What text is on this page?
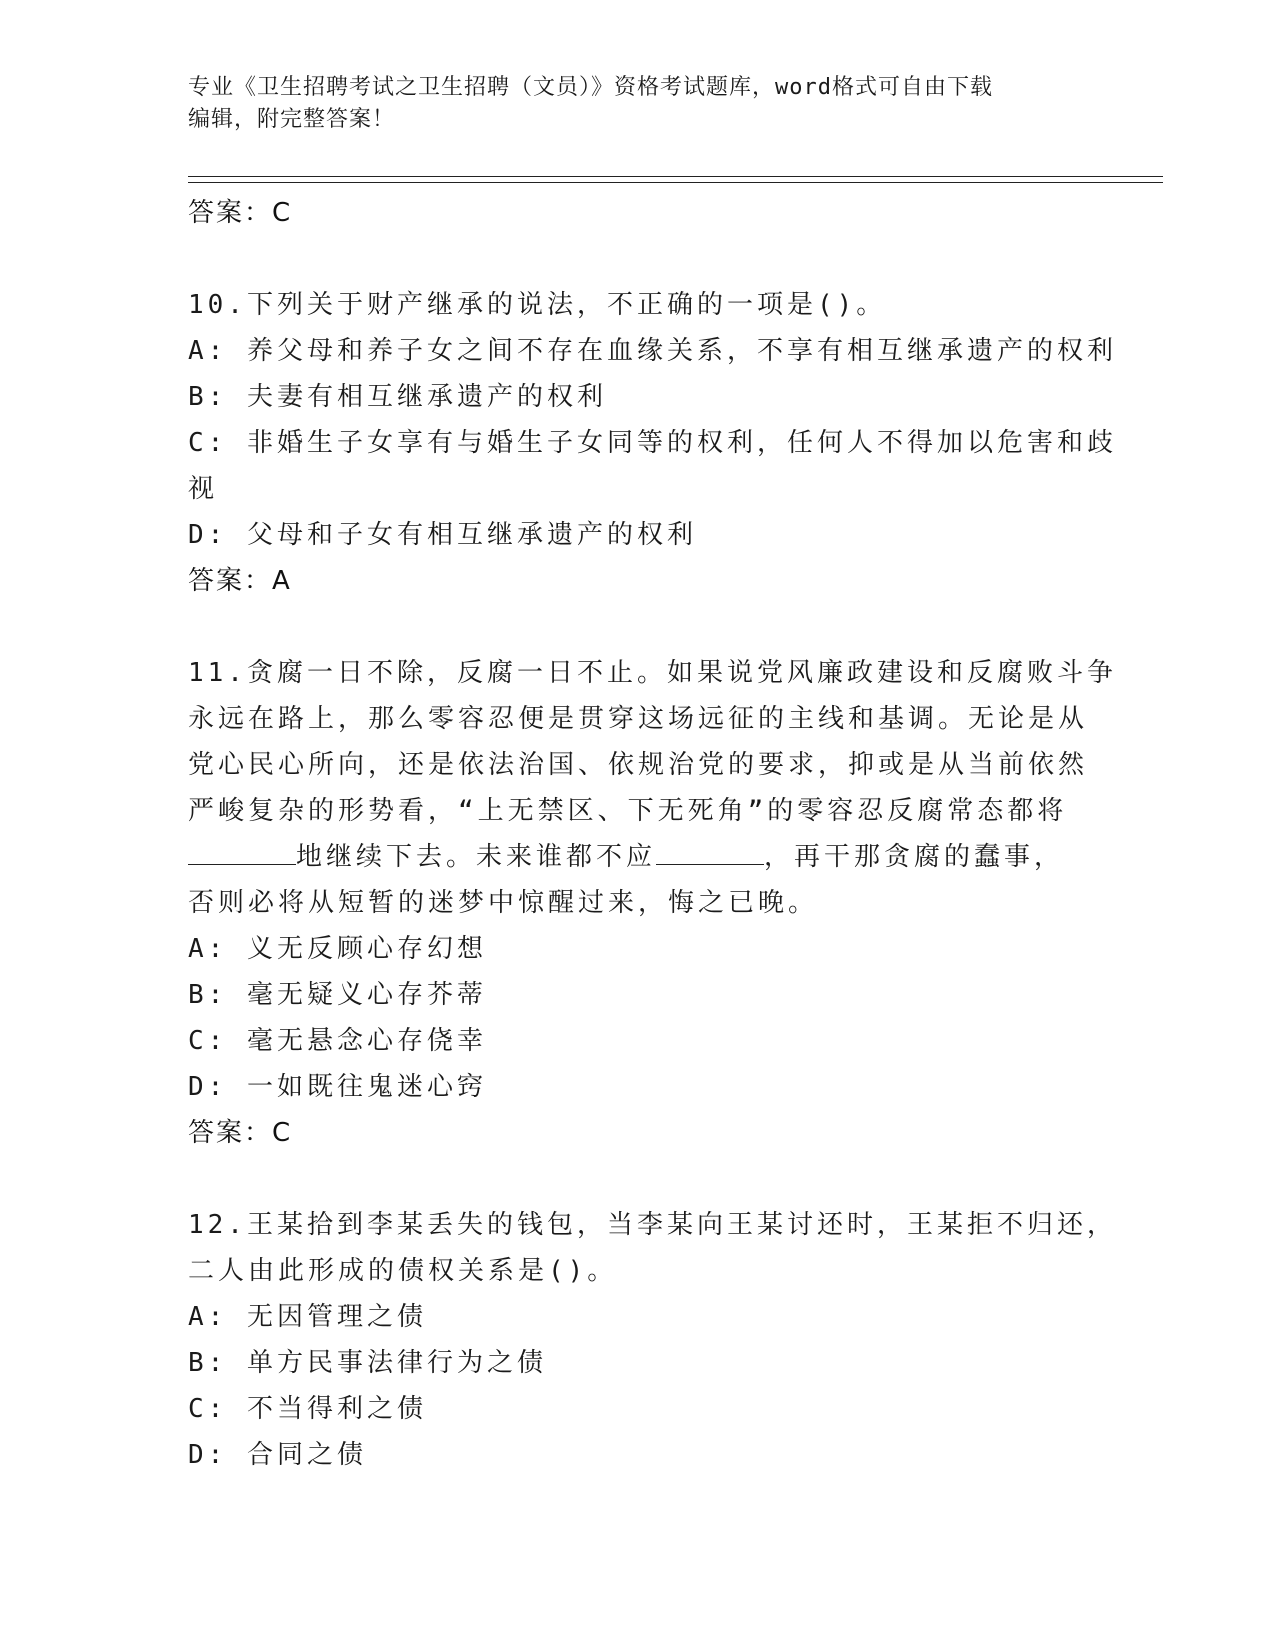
专业《卫生招聘考试之卫生招聘（文员）》资格考试题库，word格式可自由下载
编辑，附完整答案！
答案：C
10.下列关于财产继承的说法，不正确的一项是()。
A: 养父母和养子女之间不存在血缘关系，不享有相互继承遗产的权利
B: 夫妻有相互继承遗产的权利
C: 非婚生子女享有与婚生子女同等的权利，任何人不得加以危害和歧
视
D: 父母和子女有相互继承遗产的权利
答案：A
11.贪腐一日不除，反腐一日不止。如果说党风廉政建设和反腐败斗争
永远在路上，那么零容忍便是贯穿这场远征的主线和基调。无论是从
党心民心所向，还是依法治国、依规治党的要求，抑或是从当前依然
严峻复杂的形势看，“上无禁区、下无死角”的零容忍反腐常态都将
地继续下去。未来谁都不应	，再干那贪腐的蠢事，
否则必将从短暂的迷梦中惊醒过来，悔之已晚。
A: 义无反顾心存幻想
B: 毫无疑义心存芥蒂
C: 毫无悬念心存侥幸
D: 一如既往鬼迷心窍
答案：C
12.王某拾到李某丢失的钱包，当李某向王某讨还时，王某拒不归还，
二人由此形成的债权关系是()。
A: 无因管理之债
B: 单方民事法律行为之债
C: 不当得利之债
D: 合同之债
